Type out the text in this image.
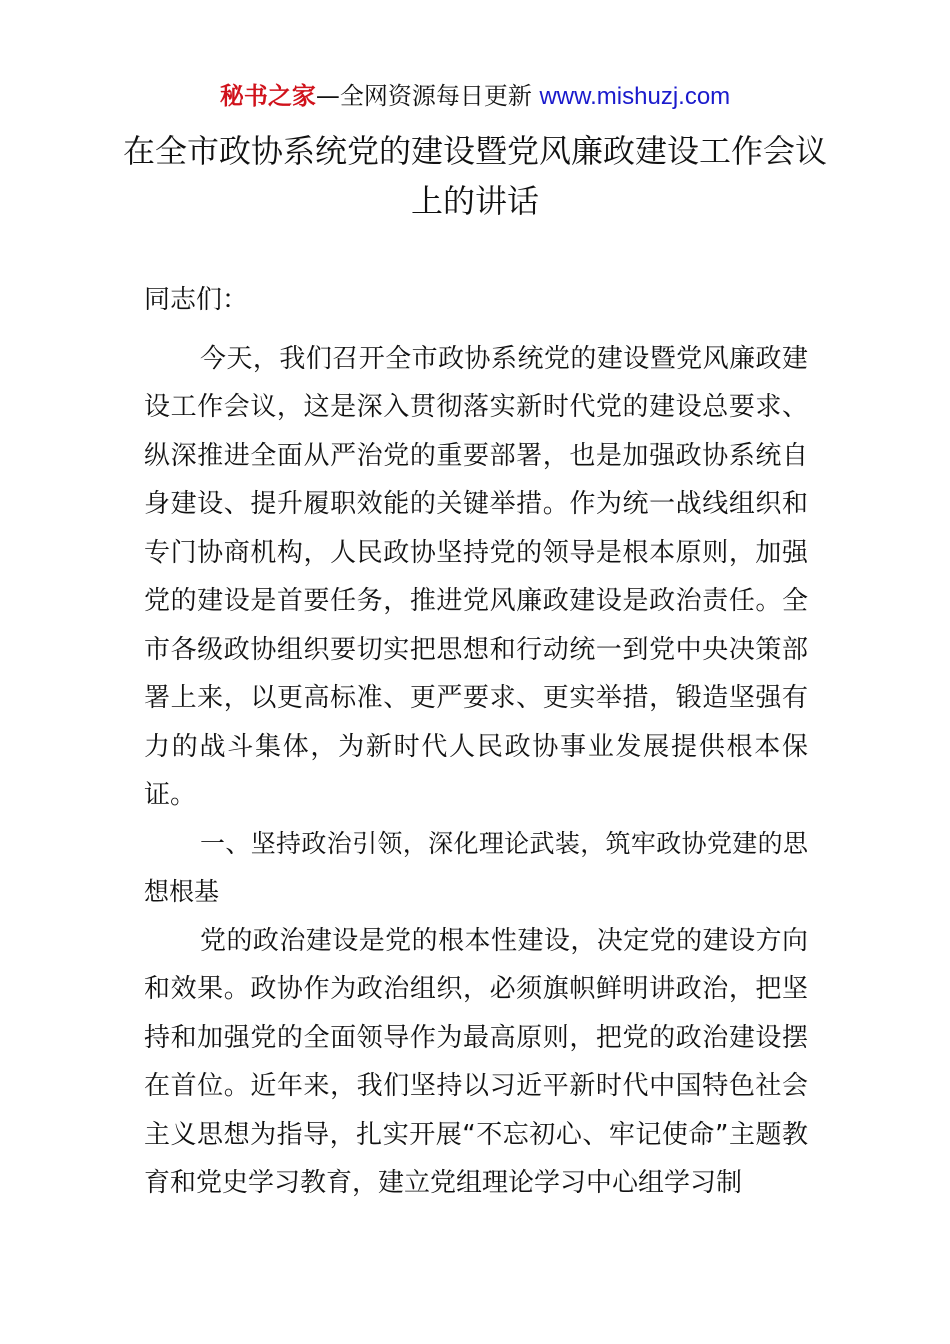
秘书之家—全网资源每日更新 www.mishuzj.com
在全市政协系统党的建设暨党风廉政建设工作会议上的讲话

同志们：

今天，我们召开全市政协系统党的建设暨党风廉政建设工作会议，这是深入贯彻落实新时代党的建设总要求、纵深推进全面从严治党的重要部署，也是加强政协系统自身建设、提升履职效能的关键举措。作为统一战线组织和专门协商机构，人民政协坚持党的领导是根本原则，加强党的建设是首要任务，推进党风廉政建设是政治责任。全市各级政协组织要切实把思想和行动统一到党中央决策部署上来，以更高标准、更严要求、更实举措，锻造坚强有力的战斗集体，为新时代人民政协事业发展提供根本保证。

一、坚持政治引领，深化理论武装，筑牢政协党建的思想根基

党的政治建设是党的根本性建设，决定党的建设方向和效果。政协作为政治组织，必须旗帜鲜明讲政治，把坚持和加强党的全面领导作为最高原则，把党的政治建设摆在首位。近年来，我们坚持以习近平新时代中国特色社会主义思想为指导，扎实开展“不忘初心、牢记使命”主题教育和党史学习教育，建立党组理论学习中心组学习制
